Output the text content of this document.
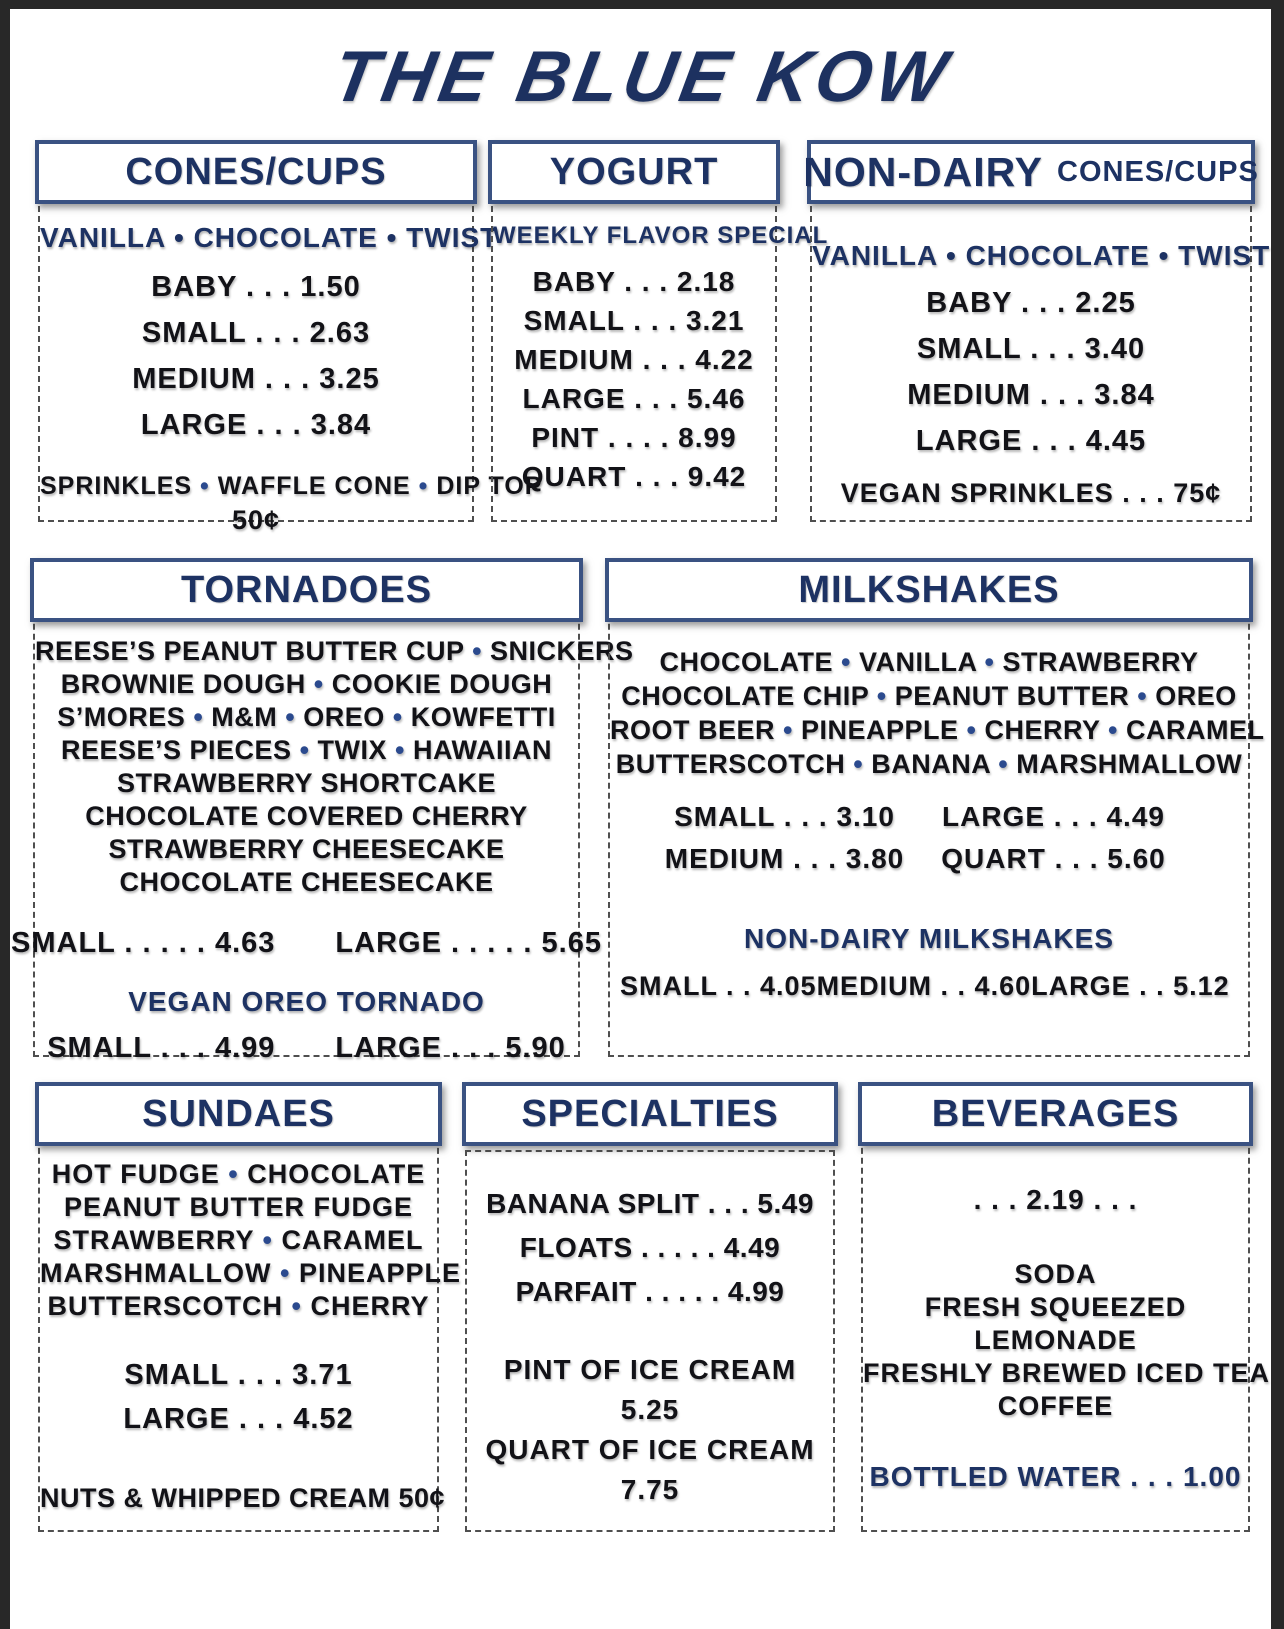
THE BLUE KOW
CONES/CUPS
VANILLA • CHOCOLATE • TWIST
BABY . . . 1.50
SMALL . . . 2.63
MEDIUM . . . 3.25
LARGE . . . 3.84
SPRINKLES • WAFFLE CONE • DIP TOP
50¢
YOGURT
WEEKLY FLAVOR SPECIAL
BABY . . . 2.18
SMALL . . . 3.21
MEDIUM . . . 4.22
LARGE . . . 5.46
PINT . . . . 8.99
QUART . . . 9.42
NON-DAIRY CONES/CUPS
VANILLA • CHOCOLATE • TWIST
BABY . . . 2.25
SMALL . . . 3.40
MEDIUM . . . 3.84
LARGE . . . 4.45
VEGAN SPRINKLES . . . 75¢
TORNADOES
REESE’S PEANUT BUTTER CUP • SNICKERS
BROWNIE DOUGH • COOKIE DOUGH
S’MORES • M&M • OREO • KOWFETTI
REESE’S PIECES • TWIX • HAWAIIAN
STRAWBERRY SHORTCAKE
CHOCOLATE COVERED CHERRY
STRAWBERRY CHEESECAKE
CHOCOLATE CHEESECAKE
SMALL . . . . . 4.63 LARGE . . . . . 5.65
VEGAN OREO TORNADO
SMALL . . . 4.99 LARGE . . . 5.90
MILKSHAKES
CHOCOLATE • VANILLA • STRAWBERRY
CHOCOLATE CHIP • PEANUT BUTTER • OREO
ROOT BEER • PINEAPPLE • CHERRY • CARAMEL
BUTTERSCOTCH • BANANA • MARSHMALLOW
SMALL . . . 3.10	LARGE . . . 4.49
MEDIUM . . . 3.80	QUART . . . 5.60
NON-DAIRY MILKSHAKES
SMALL . . 4.05 MEDIUM . . 4.60 LARGE . . 5.12
SUNDAES
HOT FUDGE • CHOCOLATE
PEANUT BUTTER FUDGE
STRAWBERRY • CARAMEL
MARSHMALLOW • PINEAPPLE
BUTTERSCOTCH • CHERRY
SMALL . . . 3.71
LARGE . . . 4.52
NUTS & WHIPPED CREAM 50¢
SPECIALTIES
BANANA SPLIT . . . 5.49
FLOATS . . . . . 4.49
PARFAIT . . . . . 4.99
PINT OF ICE CREAM
5.25
QUART OF ICE CREAM
7.75
BEVERAGES
. . . 2.19 . . .
SODA
FRESH SQUEEZED
LEMONADE
FRESHLY BREWED ICED TEA
COFFEE
BOTTLED WATER . . . 1.00
